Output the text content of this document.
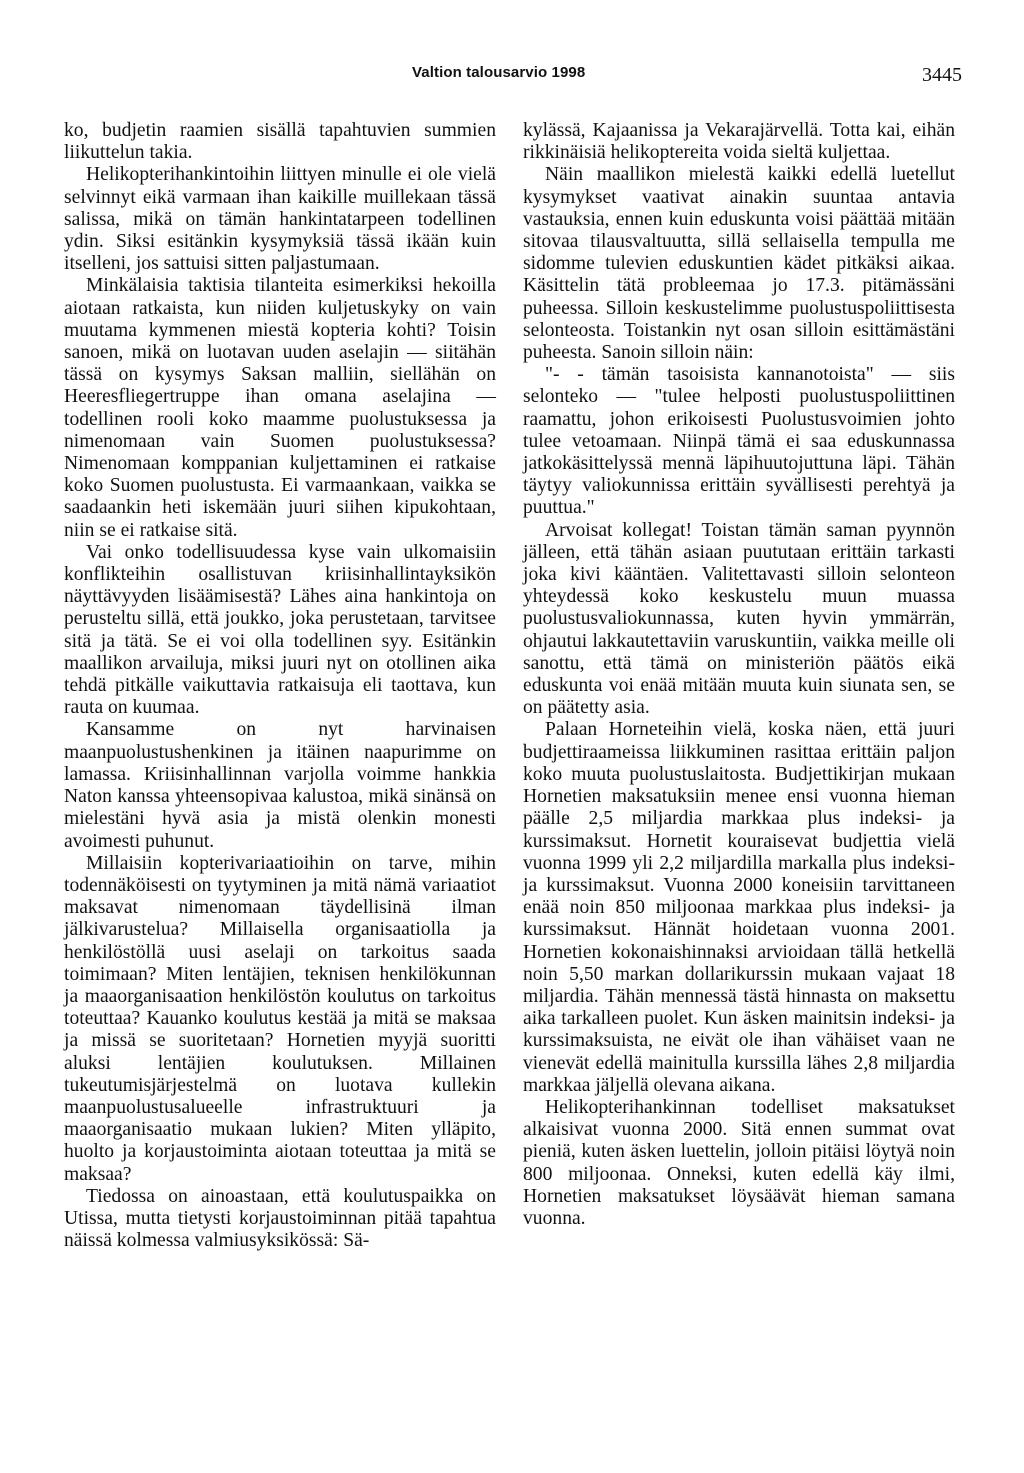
Valtion talousarvio 1998	3445

ko, budjetin raamien sisällä tapahtuvien summien liikuttelun takia.

Helikopterihankintoihin liittyen minulle ei ole vielä selvinnyt eikä varmaan ihan kaikille muillekaan tässä salissa, mikä on tämän hankintatarpeen todellinen ydin. Siksi esitänkin kysymyksiä tässä ikään kuin itselleni, jos sattuisi sitten paljastumaan.

Minkälaisia taktisia tilanteita esimerkiksi hekoilla aiotaan ratkaista, kun niiden kuljetuskyky on vain muutama kymmenen miestä kopteria kohti? Toisin sanoen, mikä on luotavan uuden aselajin — siitähän tässä on kysymys Saksan malliin, siellähän on Heeresfliegertruppe ihan omana aselajina — todellinen rooli koko maamme puolustuksessa ja nimenomaan vain Suomen puolustuksessa? Nimenomaan komppanian kuljettaminen ei ratkaise koko Suomen puolustusta. Ei varmaankaan, vaikka se saadaankin heti iskemään juuri siihen kipukohtaan, niin se ei ratkaise sitä.

Vai onko todellisuudessa kyse vain ulkomaisiin konflikteihin osallistuvan kriisinhallintayksikön näyttävyyden lisäämisestä? Lähes aina hankintoja on perusteltu sillä, että joukko, joka perustetaan, tarvitsee sitä ja tätä. Se ei voi olla todellinen syy. Esitänkin maallikon arvailuja, miksi juuri nyt on otollinen aika tehdä pitkälle vaikuttavia ratkaisuja eli taottava, kun rauta on kuumaa.

Kansamme on nyt harvinaisen maanpuolustushenkinen ja itäinen naapurimme on lamassa. Kriisinhallinnan varjolla voimme hankkia Naton kanssa yhteensopivaa kalustoa, mikä sinänsä on mielestäni hyvä asia ja mistä olenkin monesti avoimesti puhunut.

Millaisiin kopterivariaatioihin on tarve, mihin todennäköisesti on tyytyminen ja mitä nämä variaatiot maksavat nimenomaan täydellisinä ilman jälkivarustelua? Millaisella organisaatiolla ja henkilöstöllä uusi aselaji on tarkoitus saada toimimaan? Miten lentäjien, teknisen henkilökunnan ja maaorganisaation henkilöstön koulutus on tarkoitus toteuttaa? Kauanko koulutus kestää ja mitä se maksaa ja missä se suoritetaan? Hornetien myyjä suoritti aluksi lentäjien koulutuksen. Millainen tukeutumisjärjestelmä on luotava kullekin maanpuolustusalueelle infrastruktuuri ja maaorganisaatio mukaan lukien? Miten ylläpito, huolto ja korjaustoiminta aiotaan toteuttaa ja mitä se maksaa?

Tiedossa on ainoastaan, että koulutuspaikka on Utissa, mutta tietysti korjaustoiminnan pitää tapahtua näissä kolmessa valmiusyksikössä: Sä-

kylässä, Kajaanissa ja Vekarajärvellä. Totta kai, eihän rikkinäisiä helikoptereita voida sieltä kuljettaa.

Näin maallikon mielestä kaikki edellä luetellut kysymykset vaativat ainakin suuntaa antavia vastauksia, ennen kuin eduskunta voisi päättää mitään sitovaa tilausvaltuutta, sillä sellaisella tempulla me sidomme tulevien eduskuntien kädet pitkäksi aikaa. Käsittelin tätä probleemaa jo 17.3. pitämässäni puheessa. Silloin keskustelimme puolustuspoliittisesta selonteosta. Toistankin nyt osan silloin esittämästäni puheesta. Sanoin silloin näin:

"- - tämän tasoisista kannanotoista" — siis selonteko — "tulee helposti puolustuspoliittinen raamattu, johon erikoisesti Puolustusvoimien johto tulee vetoamaan. Niinpä tämä ei saa eduskunnassa jatkokäsittelyssä mennä läpihuutojuttuna läpi. Tähän täytyy valiokunnissa erittäin syvällisesti perehtyä ja puuttua."

Arvoisat kollegat! Toistan tämän saman pyynnön jälleen, että tähän asiaan puututaan erittäin tarkasti joka kivi kääntäen. Valitettavasti silloin selonteon yhteydessä koko keskustelu muun muassa puolustusvaliokunnassa, kuten hyvin ymmärrän, ohjautui lakkautettaviin varuskuntiin, vaikka meille oli sanottu, että tämä on ministeriön päätös eikä eduskunta voi enää mitään muuta kuin siunata sen, se on päätetty asia.

Palaan Horneteihin vielä, koska näen, että juuri budjettiraameissa liikkuminen rasittaa erittäin paljon koko muuta puolustuslaitosta. Budjettikirjan mukaan Hornetien maksatuksiin menee ensi vuonna hieman päälle 2,5 miljardia markkaa plus indeksi- ja kurssimaksut. Hornetit kouraisevat budjettia vielä vuonna 1999 yli 2,2 miljardilla markalla plus indeksi- ja kurssimaksut. Vuonna 2000 koneisiin tarvittaneen enää noin 850 miljoonaa markkaa plus indeksi- ja kurssimaksut. Hännät hoidetaan vuonna 2001. Hornetien kokonaishinnaksi arvioidaan tällä hetkellä noin 5,50 markan dollarikurssin mukaan vajaat 18 miljardia. Tähän mennessä tästä hinnasta on maksettu aika tarkalleen puolet. Kun äsken mainitsin indeksi- ja kurssimaksuista, ne eivät ole ihan vähäiset vaan ne vienevät edellä mainitulla kurssilla lähes 2,8 miljardia markkaa jäljellä olevana aikana.

Helikopterihankinnan todelliset maksatukset alkaisivat vuonna 2000. Sitä ennen summat ovat pieniä, kuten äsken luettelin, jolloin pitäisi löytyä noin 800 miljoonaa. Onneksi, kuten edellä käy ilmi, Hornetien maksatukset löysäävät hieman samana vuonna.
